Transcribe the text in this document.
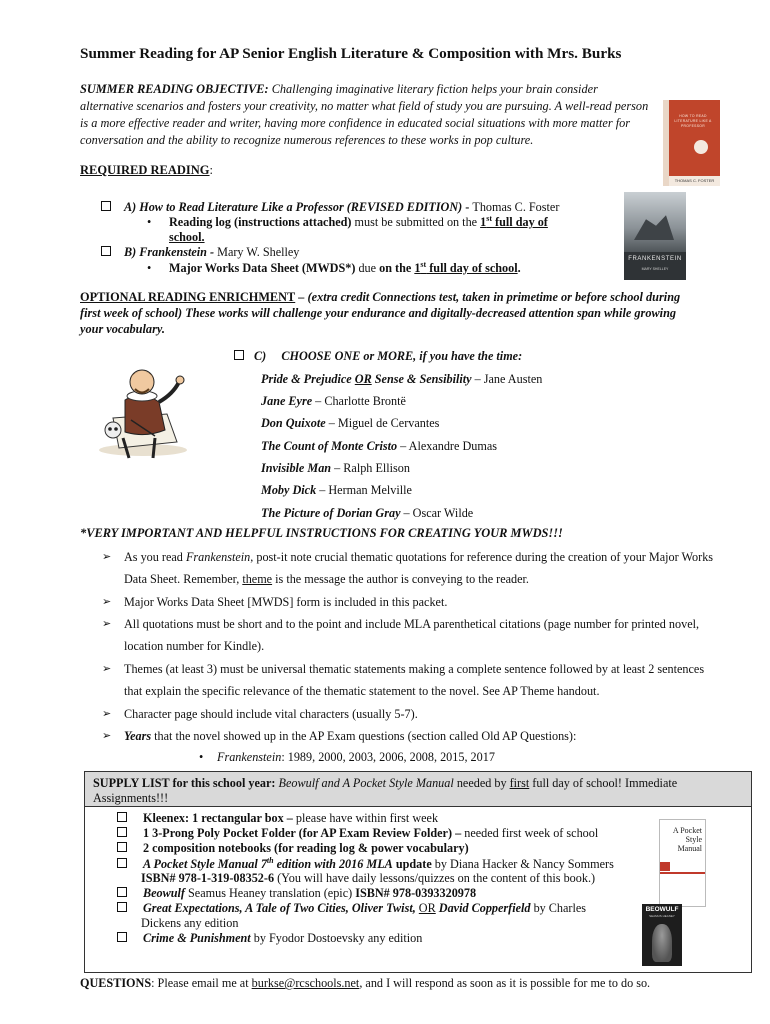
Summer Reading for AP Senior English Literature & Composition with Mrs. Burks
SUMMER READING OBJECTIVE: Challenging imaginative literary fiction helps your brain consider alternative scenarios and fosters your creativity, no matter what field of study you are pursuing. A well-read person is a more effective reader and writer, having more confidence in educated social situations with more matter for conversation and the ability to recognize numerous references to these works in pop culture.
HOW TO READ LITERATURE LIKE A PROFESSOR
THOMAS C. FOSTER
REQUIRED READING:
A) How to Read Literature Like a Professor (REVISED EDITION) - Thomas C. Foster
• Reading log (instructions attached) must be submitted on the 1st full day of
school.
B) Frankenstein - Mary W. Shelley
• Major Works Data Sheet (MWDS*) due on the 1st full day of school.
FRANKENSTEIN
MARY SHELLEY
OPTIONAL READING ENRICHMENT – (extra credit Connections test, taken in primetime or before school during first week of school) These works will challenge your endurance and digitally-decreased attention span while growing your vocabulary.
C)     CHOOSE ONE or MORE, if you have the time:
Pride & Prejudice OR Sense & Sensibility – Jane Austen
Jane Eyre – Charlotte Brontë
Don Quixote – Miguel de Cervantes
The Count of Monte Cristo – Alexandre Dumas
Invisible Man – Ralph Ellison
Moby Dick – Herman Melville
The Picture of Dorian Gray – Oscar Wilde
*VERY IMPORTANT AND HELPFUL INSTRUCTIONS FOR CREATING YOUR MWDS!!!
➢ As you read Frankenstein, post-it note crucial thematic quotations for reference during the creation of your Major Works Data Sheet. Remember, theme is the message the author is conveying to the reader.
➢ Major Works Data Sheet [MWDS] form is included in this packet.
➢ All quotations must be short and to the point and include MLA parenthetical citations (page number for printed novel, location number for Kindle).
➢ Themes (at least 3) must be universal thematic statements making a complete sentence followed by at least 2 sentences that explain the specific relevance of the thematic statement to the novel. See AP Theme handout.
➢ Character page should include vital characters (usually 5-7).
➢ Years that the novel showed up in the AP Exam questions (section called Old AP Questions):
• Frankenstein: 1989, 2000, 2003, 2006, 2008, 2015, 2017
SUPPLY LIST for this school year: Beowulf and A Pocket Style Manual needed by first full day of school! Immediate Assignments!!!
Kleenex: 1 rectangular box – please have within first week
1 3-Prong Poly Pocket Folder (for AP Exam Review Folder) – needed first week of school
2 composition notebooks (for reading log & power vocabulary)
A Pocket Style Manual 7th edition with 2016 MLA update by Diana Hacker & Nancy Sommers
ISBN# 978-1-319-08352-6 (You will have daily lessons/quizzes on the content of this book.)
Beowulf Seamus Heaney translation (epic) ISBN# 978-0393320978
Great Expectations, A Tale of Two Cities, Oliver Twist, OR David Copperfield by Charles
Dickens any edition
Crime & Punishment by Fyodor Dostoevsky any edition
A Pocket Style Manual
BEOWULF
SEAMUS HEANEY
QUESTIONS: Please email me at burkse@rcschools.net, and I will respond as soon as it is possible for me to do so.
